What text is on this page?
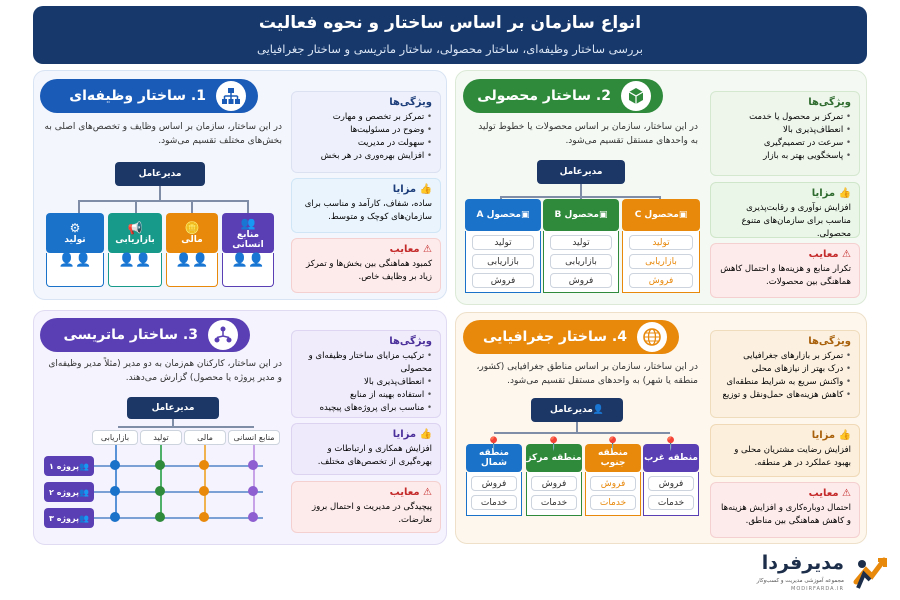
انواع سازمان بر اساس ساختار و نحوه فعالیت
بررسی ساختار وظیفه‌ای، ساختار محصولی، ساختار ماتریسی و ساختار جغرافیایی
1. ساختار وظیفه‌ای
در این ساختار، سازمان بر اساس وظایف و تخصص‌های اصلی به بخش‌های مختلف تقسیم می‌شود.
مدیرعامل
👥
منابع انسانی
🪙
مالی
📢
بازاریابی
⚙
تولید
👤👤
👤👤
👤👤
👤👤
ویژگی‌ها
• تمرکز بر تخصص و مهارت
• وضوح در مسئولیت‌ها
• سهولت در مدیریت
• افزایش بهره‌وری در هر بخش
👍 مزایا
ساده، شفاف، کارآمد و مناسب برای سازمان‌های کوچک و متوسط.
⚠ معایب
کمبود هماهنگی بین بخش‌ها و تمرکز زیاد بر وظایف خاص.
2. ساختار محصولی
در این ساختار، سازمان بر اساس محصولات یا خطوط تولید به واحدهای مستقل تقسیم می‌شود.
مدیرعامل
▣
محصول C
▣
محصول B
▣
محصول A
تولید
بازاریابی
فروش
تولید
بازاریابی
فروش
تولید
بازاریابی
فروش
ویژگی‌ها
• تمرکز بر محصول یا خدمت
• انعطاف‌پذیری بالا
• سرعت در تصمیم‌گیری
• پاسخگویی بهتر به بازار
👍 مزایا
افزایش نوآوری و رقابت‌پذیری مناسب برای سازمان‌های متنوع محصولی.
⚠ معایب
تکرار منابع و هزینه‌ها و احتمال کاهش هماهنگی بین محصولات.
3. ساختار ماتریسی
در این ساختار، کارکنان هم‌زمان به دو مدیر (مثلاً مدیر وظیفه‌ای و مدیر پروژه یا محصول) گزارش می‌دهند.
مدیرعامل
منابع انسانی
مالی
تولید
بازاریابی
👥
پروژه ۱
👥
پروژه ۲
👥
پروژه ۳
ویژگی‌ها
• ترکیب مزایای ساختار وظیفه‌ای و محصولی
• انعطاف‌پذیری بالا
• استفاده بهینه از منابع
• مناسب برای پروژه‌های پیچیده
👍 مزایا
افزایش همکاری و ارتباطات و بهره‌گیری از تخصص‌های مختلف.
⚠ معایب
پیچیدگی در مدیریت و احتمال بروز تعارضات.
4. ساختار جغرافیایی
در این ساختار، سازمان بر اساس مناطق جغرافیایی (کشور، منطقه یا شهر) به واحدهای مستقل تقسیم می‌شود.
👤
مدیرعامل
منطقه غرب
منطقه جنوب
منطقه مرکز
منطقه شمال
📍
📍
📍
📍
فروش
خدمات
فروش
خدمات
فروش
خدمات
فروش
خدمات
ویژگی‌ها
• تمرکز بر بازارهای جغرافیایی
• درک بهتر از نیازهای محلی
• واکنش سریع به شرایط منطقه‌ای
• کاهش هزینه‌های حمل‌ونقل و توزیع
👍 مزایا
افزایش رضایت مشتریان محلی و بهبود عملکرد در هر منطقه.
⚠ معایب
احتمال دوباره‌کاری و افزایش هزینه‌ها و کاهش هماهنگی بین مناطق.
مدیرفردا
مجموعه آموزشی مدیریت و کسب‌وکار
MODIRFARDA.IR
